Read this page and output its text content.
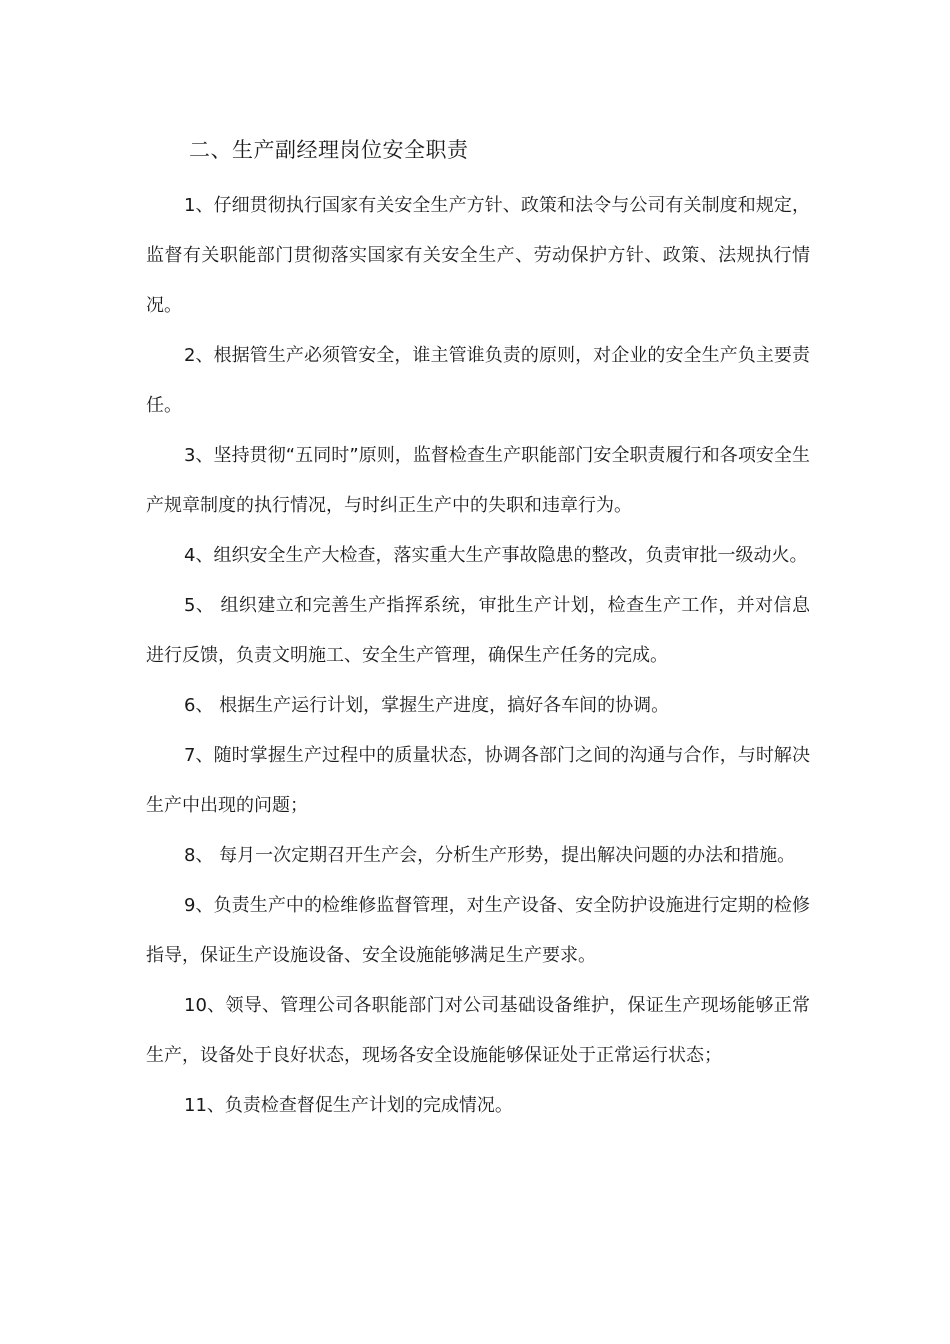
二、生产副经理岗位安全职责

1、仔细贯彻执行国家有关安全生产方针、政策和法令与公司有关制度和规定，监督有关职能部门贯彻落实国家有关安全生产、劳动保护方针、政策、法规执行情况。

2、根据管生产必须管安全，谁主管谁负责的原则，对企业的安全生产负主要责任。

3、坚持贯彻“五同时”原则，监督检查生产职能部门安全职责履行和各项安全生产规章制度的执行情况，与时纠正生产中的失职和违章行为。

4、组织安全生产大检查，落实重大生产事故隐患的整改，负责审批一级动火。

5、 组织建立和完善生产指挥系统，审批生产计划，检查生产工作，并对信息进行反馈，负责文明施工、安全生产管理，确保生产任务的完成。

6、 根据生产运行计划，掌握生产进度，搞好各车间的协调。

7、随时掌握生产过程中的质量状态，协调各部门之间的沟通与合作，与时解决生产中出现的问题；

8、 每月一次定期召开生产会，分析生产形势，提出解决问题的办法和措施。

9、负责生产中的检维修监督管理，对生产设备、安全防护设施进行定期的检修指导，保证生产设施设备、安全设施能够满足生产要求。

10、领导、管理公司各职能部门对公司基础设备维护，保证生产现场能够正常生产，设备处于良好状态，现场各安全设施能够保证处于正常运行状态；

11、负责检查督促生产计划的完成情况。
